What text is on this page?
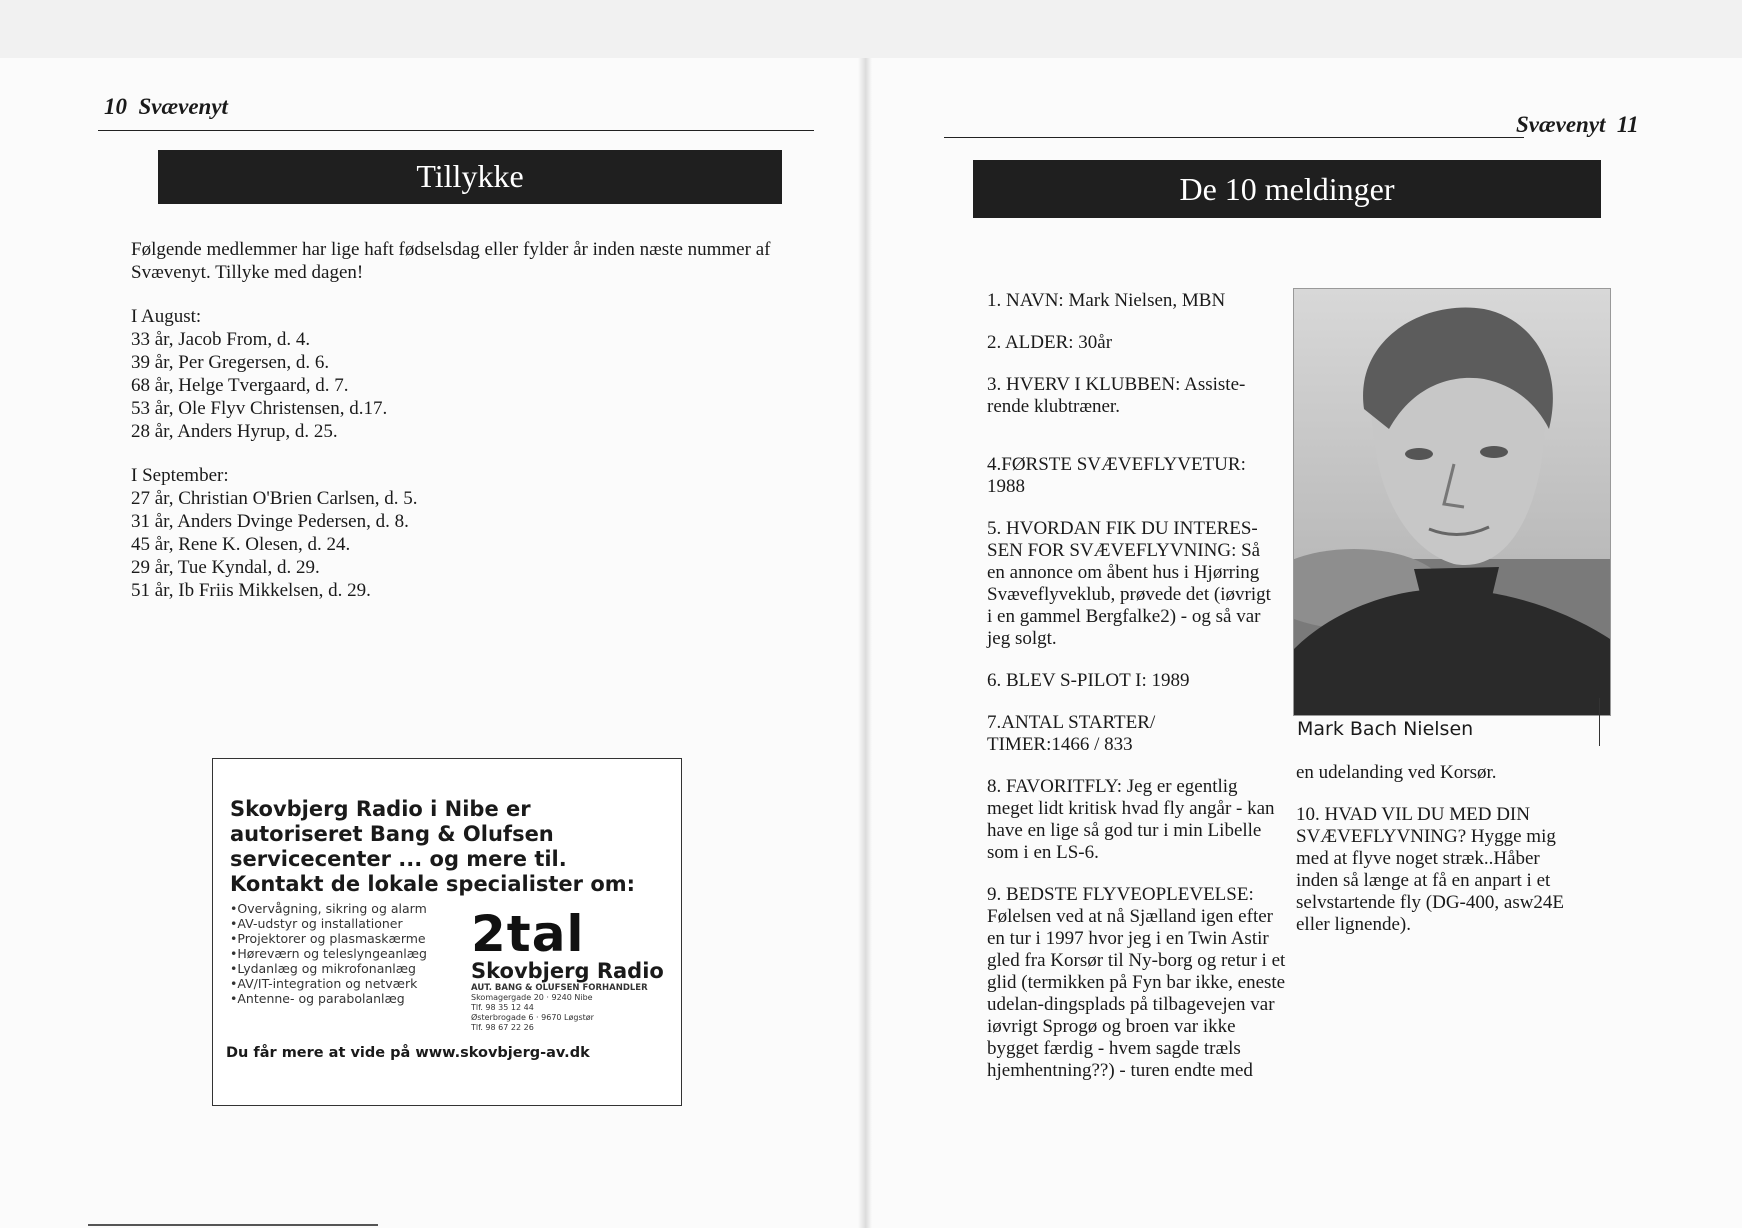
10 Svævenyt
Tillykke

Følgende medlemmer har lige haft fødselsdag eller fylder år inden næste nummer af Svævenyt. Tillyke med dagen!

I August:
33 år, Jacob From, d. 4.
39 år, Per Gregersen, d. 6.
68 år, Helge Tvergaard, d. 7.
53 år, Ole Flyv Christensen, d.17.
28 år, Anders Hyrup, d. 25.
I September:
27 år, Christian O'Brien Carlsen, d. 5.
31 år, Anders Dvinge Pedersen, d. 8.
45 år, Rene K. Olesen, d. 24.
29 år, Tue Kyndal, d. 29.
51 år, Ib Friis Mikkelsen, d. 29.
Skovbjerg Radio i Nibe er autoriseret Bang & Olufsen servicecenter ... og mere til. Kontakt de lokale specialister om:
• Overvågning, sikring og alarm
• AV-udstyr og installationer
• Projektorer og plasmaskærme
• Høreværn og teleslyngeanlæg
• Lydanlæg og mikrofonanlæg
• AV/IT-integration og netværk
• Antenne- og parabolanlæg
2tal
Skovbjerg Radio
AUT. BANG & OLUFSEN FORHANDLER
Skomagergade 20 · 9240 Nibe
Tlf. 98 35 12 44
Østerbrogade 6 · 9670 Løgstør
Tlf. 98 67 22 26
Du får mere at vide på www.skovbjerg-av.dk
Svævenyt 11
De 10 meldinger

1. NAVN: Mark Nielsen, MBN

2. ALDER: 30år

3. HVERV I KLUBBEN: Assiste-rende klubtræner.

4.FØRSTE SVÆVEFLYVETUR: 1988

5. HVORDAN FIK DU INTERES-SEN FOR SVÆVEFLYVNING: Så en annonce om åbent hus i Hjørring Svæveflyveklub, prøvede det (iøvrigt i en gammel Bergfalke2) - og så var jeg solgt.

6. BLEV S-PILOT I: 1989

7.ANTAL STARTER/ TIMER:1466 / 833

8. FAVORITFLY: Jeg er egentlig meget lidt kritisk hvad fly angår - kan have en lige så god tur i min Libelle som i en LS-6.

9. BEDSTE FLYVEOPLEVELSE: Følelsen ved at nå Sjælland igen efter en tur i 1997 hvor jeg i en Twin Astir gled fra Korsør til Ny-borg og retur i et glid (termikken på Fyn bar ikke, eneste udelan-dingsplads på tilbagevejen var iøvrigt Sprogø og broen var ikke bygget færdig - hvem sagde træls hjemhentning??) - turen endte med

Mark Bach Nielsen

en udelanding ved Korsør.

10. HVAD VIL DU MED DIN SVÆVEFLYVNING? Hygge mig med at flyve noget stræk..Håber inden så længe at få en anpart i et selvstartende fly (DG-400, asw24E eller lignende).
